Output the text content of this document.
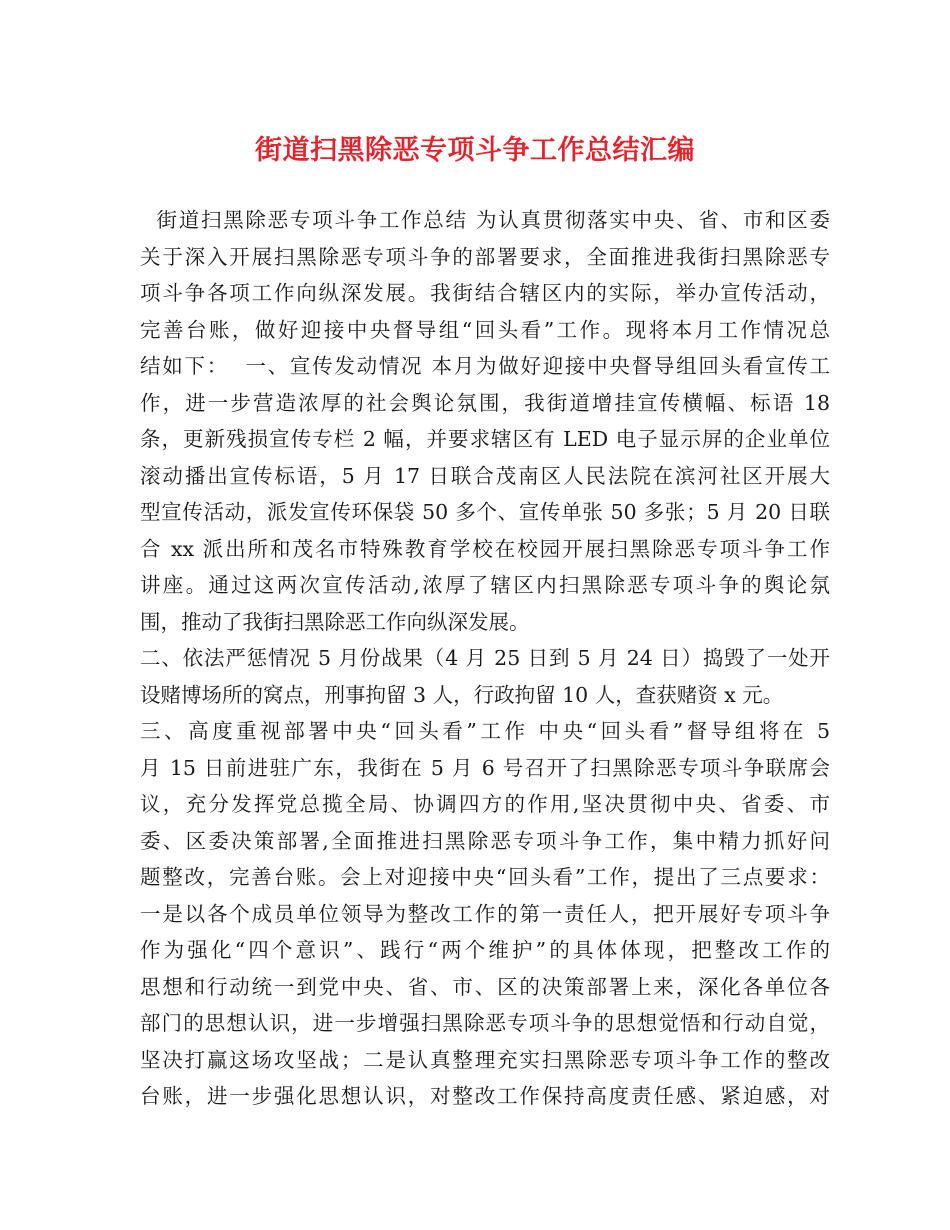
街道扫黑除恶专项斗争工作总结汇编
街道扫黑除恶专项斗争工作总结 为认真贯彻落实中央、省、市和区委
关于深入开展扫黑除恶专项斗争的部署要求，全面推进我街扫黑除恶专
项斗争各项工作向纵深发展。我街结合辖区内的实际，举办宣传活动，
完善台账，做好迎接中央督导组“回头看”工作。现将本月工作情况总
结如下：  一、宣传发动情况 本月为做好迎接中央督导组回头看宣传工
作，进一步营造浓厚的社会舆论氛围，我街道增挂宣传横幅、标语 18
条，更新残损宣传专栏 2 幅，并要求辖区有 LED 电子显示屏的企业单位
滚动播出宣传标语，5 月 17 日联合茂南区人民法院在滨河社区开展大
型宣传活动，派发宣传环保袋 50 多个、宣传单张 50 多张；5 月 20 日联
合 xx 派出所和茂名市特殊教育学校在校园开展扫黑除恶专项斗争工作
讲座。通过这两次宣传活动,浓厚了辖区内扫黑除恶专项斗争的舆论氛
围，推动了我街扫黑除恶工作向纵深发展。
二、依法严惩情况 5 月份战果（4 月 25 日到 5 月 24 日）捣毁了一处开
设赌博场所的窝点，刑事拘留 3 人，行政拘留 10 人，查获赌资 x 元。
三、高度重视部署中央“回头看”工作 中央“回头看”督导组将在 5
月 15 日前进驻广东，我街在 5 月 6 号召开了扫黑除恶专项斗争联席会
议，充分发挥党总揽全局、协调四方的作用,坚决贯彻中央、省委、市
委、区委决策部署,全面推进扫黑除恶专项斗争工作，集中精力抓好问
题整改，完善台账。会上对迎接中央“回头看”工作，提出了三点要求：
一是以各个成员单位领导为整改工作的第一责任人，把开展好专项斗争
作为强化“四个意识”、践行“两个维护”的具体体现，把整改工作的
思想和行动统一到党中央、省、市、区的决策部署上来，深化各单位各
部门的思想认识，进一步增强扫黑除恶专项斗争的思想觉悟和行动自觉，
坚决打赢这场攻坚战；二是认真整理充实扫黑除恶专项斗争工作的整改
台账，进一步强化思想认识，对整改工作保持高度责任感、紧迫感，对
